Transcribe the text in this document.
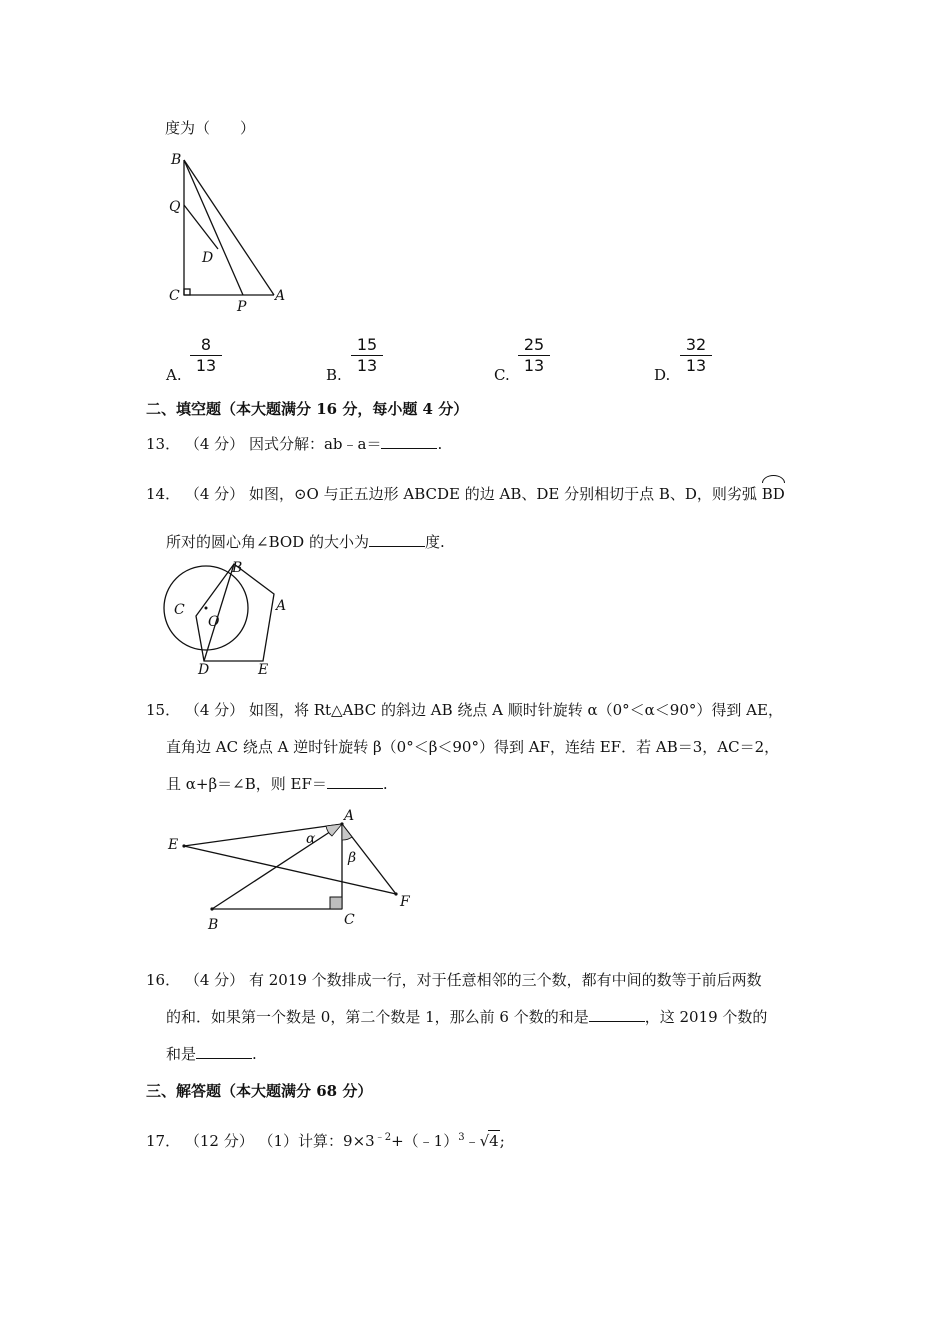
度为（　　）
B
Q
D
C
P
A
A.
8
13	B.
15
13	C.
25
13	D.
32
13
二、填空题（本大题满分 16 分，每小题 4 分）
13． （4 分） 因式分解：ab﹣a＝	.
14． （4 分） 如图，⊙O 与正五边形 ABCDE 的边 AB、DE 分别相切于点 B、D，则劣弧 BD
所对的圆心角∠BOD 的大小为	度.
B
C
O
A
D	E
15． （4 分） 如图，将 Rt△ABC 的斜边 AB 绕点 A 顺时针旋转 α（0°＜α＜90°）得到 AE，
直角边 AC 绕点 A 逆时针旋转 β（0°＜β＜90°）得到 AF，连结 EF．若 AB＝3，AC＝2，
且 α+β＝∠B，则 EF＝	.
E
A
α
β
F
B	C
16． （4 分） 有 2019 个数排成一行，对于任意相邻的三个数，都有中间的数等于前后两数
的和．如果第一个数是 0，第二个数是 1，那么前 6 个数的和是	，这 2019 个数的
和是	.
三、解答题（本大题满分 68 分）
17． （12 分） （1）计算：$9\times 3^{﹣2}+(﹣1)^3﹣√4$;
